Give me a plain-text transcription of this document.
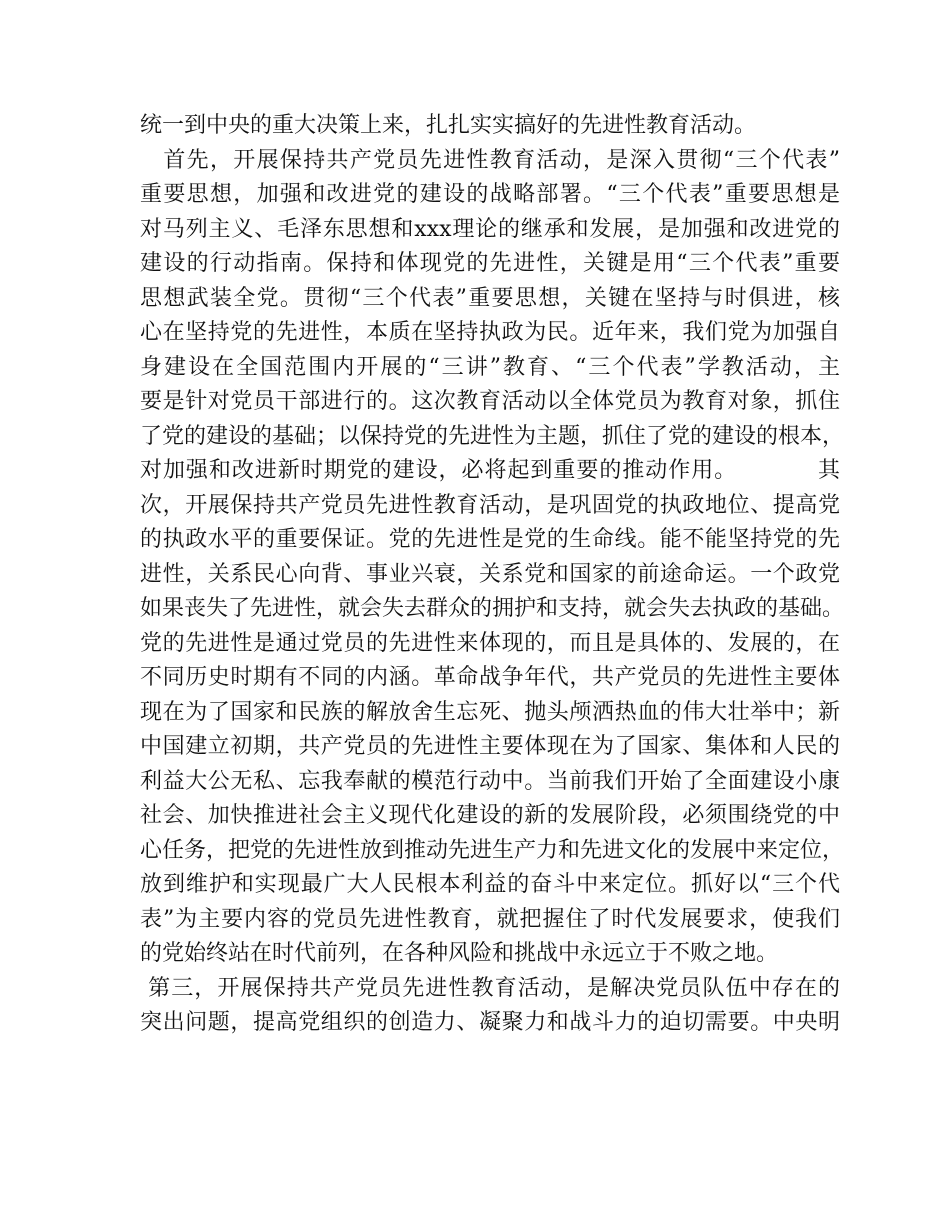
统一到中央的重大决策上来，扎扎实实搞好的先进性教育活动。
　首先，开展保持共产党员先进性教育活动，是深入贯彻“三个代表”
重要思想，加强和改进党的建设的战略部署。“三个代表”重要思想是
对马列主义、毛泽东思想和xxx理论的继承和发展，是加强和改进党的
建设的行动指南。保持和体现党的先进性，关键是用“三个代表”重要
思想武装全党。贯彻“三个代表”重要思想，关键在坚持与时俱进，核
心在坚持党的先进性，本质在坚持执政为民。近年来，我们党为加强自
身建设在全国范围内开展的“三讲”教育、“三个代表”学教活动，主
要是针对党员干部进行的。这次教育活动以全体党员为教育对象，抓住
了党的建设的基础；以保持党的先进性为主题，抓住了党的建设的根本，
对加强和改进新时期党的建设，必将起到重要的推动作用。　　　　其
次，开展保持共产党员先进性教育活动，是巩固党的执政地位、提高党
的执政水平的重要保证。党的先进性是党的生命线。能不能坚持党的先
进性，关系民心向背、事业兴衰，关系党和国家的前途命运。一个政党
如果丧失了先进性，就会失去群众的拥护和支持，就会失去执政的基础。
党的先进性是通过党员的先进性来体现的，而且是具体的、发展的，在
不同历史时期有不同的内涵。革命战争年代，共产党员的先进性主要体
现在为了国家和民族的解放舍生忘死、抛头颅洒热血的伟大壮举中；新
中国建立初期，共产党员的先进性主要体现在为了国家、集体和人民的
利益大公无私、忘我奉献的模范行动中。当前我们开始了全面建设小康
社会、加快推进社会主义现代化建设的新的发展阶段，必须围绕党的中
心任务，把党的先进性放到推动先进生产力和先进文化的发展中来定位，
放到维护和实现最广大人民根本利益的奋斗中来定位。抓好以“三个代
表”为主要内容的党员先进性教育，就把握住了时代发展要求，使我们
的党始终站在时代前列，在各种风险和挑战中永远立于不败之地。
第三，开展保持共产党员先进性教育活动，是解决党员队伍中存在的
突出问题，提高党组织的创造力、凝聚力和战斗力的迫切需要。中央明
